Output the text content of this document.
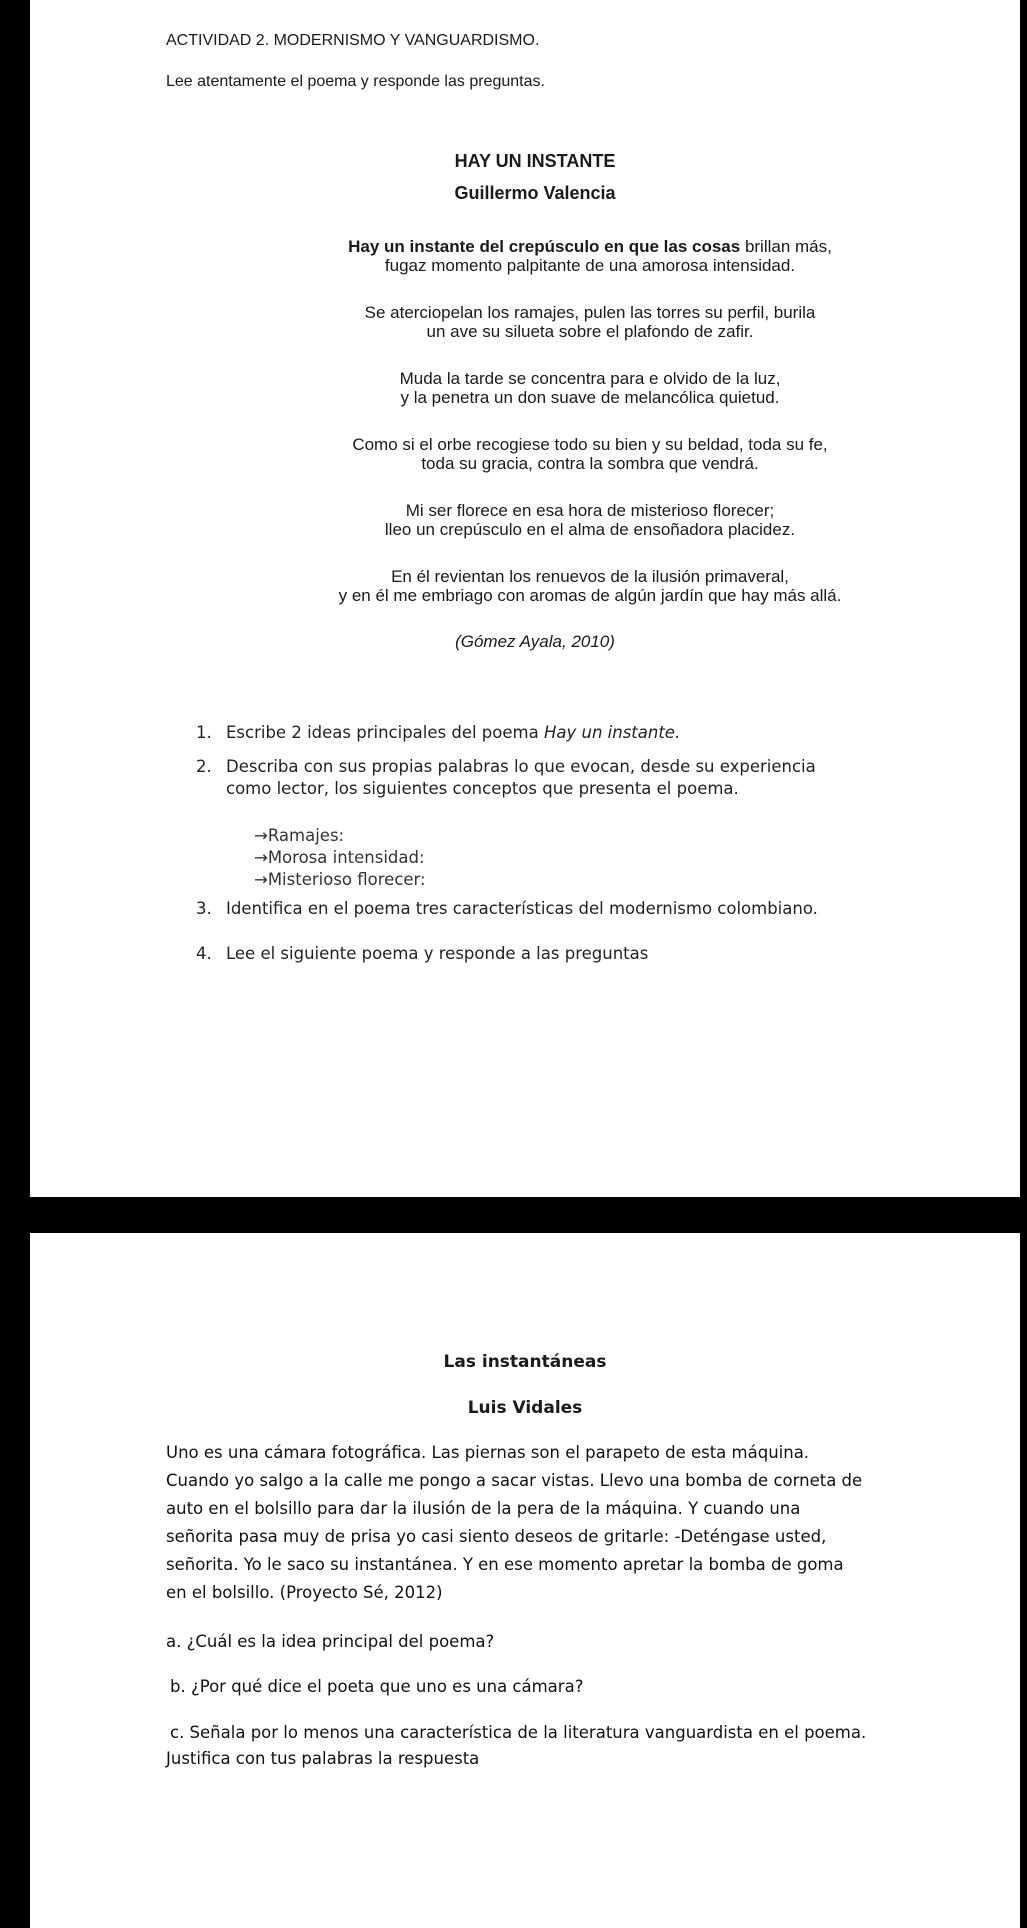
ACTIVIDAD 2. MODERNISMO Y VANGUARDISMO.
Lee atentamente el poema y responde las preguntas.
HAY UN INSTANTE
Guillermo Valencia
Hay un instante del crepúsculo en que las cosas brillan más,
fugaz momento palpitante de una amorosa intensidad.
Se aterciopelan los ramajes, pulen las torres su perfil, burila
un ave su silueta sobre el plafondo de zafir.
Muda la tarde se concentra para e olvido de la luz,
y la penetra un don suave de melancólica quietud.
Como si el orbe recogiese todo su bien y su beldad, toda su fe,
toda su gracia, contra la sombra que vendrá.
Mi ser florece en esa hora de misterioso florecer;
lleo un crepúsculo en el alma de ensoñadora placidez.
En él revientan los renuevos de la ilusión primaveral,
y en él me embriago con aromas de algún jardín que hay más allá.
(Gómez Ayala, 2010)
1. Escribe 2 ideas principales del poema Hay un instante.
2. Describa con sus propias palabras lo que evocan, desde su experiencia
como lector, los siguientes conceptos que presenta el poema.
→Ramajes:
→Morosa intensidad:
→Misterioso florecer:
3. Identifica en el poema tres características del modernismo colombiano.
4. Lee el siguiente poema y responde a las preguntas
Las instantáneas
Luis Vidales
Uno es una cámara fotográfica. Las piernas son el parapeto de esta máquina.
Cuando yo salgo a la calle me pongo a sacar vistas. Llevo una bomba de corneta de
auto en el bolsillo para dar la ilusión de la pera de la máquina. Y cuando una
señorita pasa muy de prisa yo casi siento deseos de gritarle: -Deténgase usted,
señorita. Yo le saco su instantánea. Y en ese momento apretar la bomba de goma
en el bolsillo. (Proyecto Sé, 2012)
a. ¿Cuál es la idea principal del poema?
b. ¿Por qué dice el poeta que uno es una cámara?
c. Señala por lo menos una característica de la literatura vanguardista en el poema.
Justifica con tus palabras la respuesta
